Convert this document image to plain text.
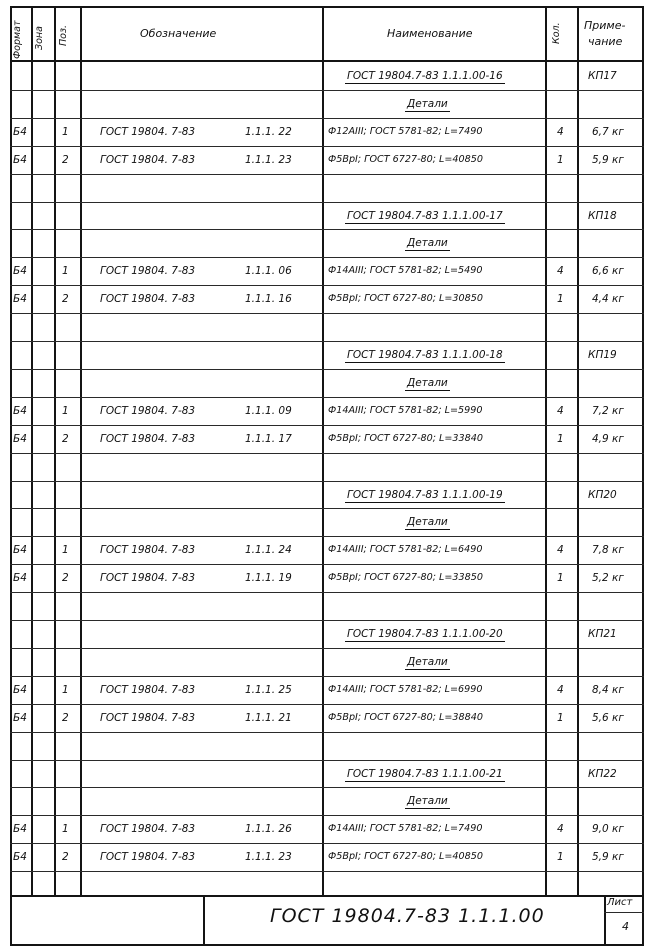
Формат Зона Поз.	Обозначение	Наименование	Кол. Приме-
чание
ГОСТ 19804.7-83 1.1.1.00-16	КП17
Детали
Б4	1	ГОСТ 19804. 7-83	1.1.1. 22	Ф12АIII; ГОСТ 5781-82; L=7490	4	6,7 кг
Б4	2	ГОСТ 19804. 7-83	1.1.1. 23	Ф5ВрI; ГОСТ 6727-80; L=40850	1	5,9 кг
ГОСТ 19804.7-83 1.1.1.00-17	КП18
Детали
Б4	1	ГОСТ 19804. 7-83	1.1.1. 06	Ф14АIII; ГОСТ 5781-82; L=5490	4	6,6 кг
Б4	2	ГОСТ 19804. 7-83	1.1.1. 16	Ф5ВрI; ГОСТ 6727-80; L=30850	1	4,4 кг
ГОСТ 19804.7-83 1.1.1.00-18	КП19
Детали
Б4	1	ГОСТ 19804. 7-83	1.1.1. 09	Ф14АIII; ГОСТ 5781-82; L=5990	4	7,2 кг
Б4	2	ГОСТ 19804. 7-83	1.1.1. 17	Ф5ВрI; ГОСТ 6727-80; L=33840	1	4,9 кг
ГОСТ 19804.7-83 1.1.1.00-19	КП20
Детали
Б4	1	ГОСТ 19804. 7-83	1.1.1. 24	Ф14АIII; ГОСТ 5781-82; L=6490	4	7,8 кг
Б4	2	ГОСТ 19804. 7-83	1.1.1. 19	Ф5ВрI; ГОСТ 6727-80; L=33850	1	5,2 кг
ГОСТ 19804.7-83 1.1.1.00-20	КП21
Детали
Б4	1	ГОСТ 19804. 7-83	1.1.1. 25	Ф14АIII; ГОСТ 5781-82; L=6990	4	8,4 кг
Б4	2	ГОСТ 19804. 7-83	1.1.1. 21	Ф5ВрI; ГОСТ 6727-80; L=38840	1	5,6 кг
ГОСТ 19804.7-83 1.1.1.00-21	КП22
Детали
Б4	1	ГОСТ 19804. 7-83	1.1.1. 26	Ф14АIII; ГОСТ 5781-82; L=7490	4	9,0 кг
Б4	2	ГОСТ 19804. 7-83	1.1.1. 23	Ф5ВрI; ГОСТ 6727-80; L=40850	1	5,9 кг
ГОСТ 19804.7-83 1.1.1.00
Лист
4
